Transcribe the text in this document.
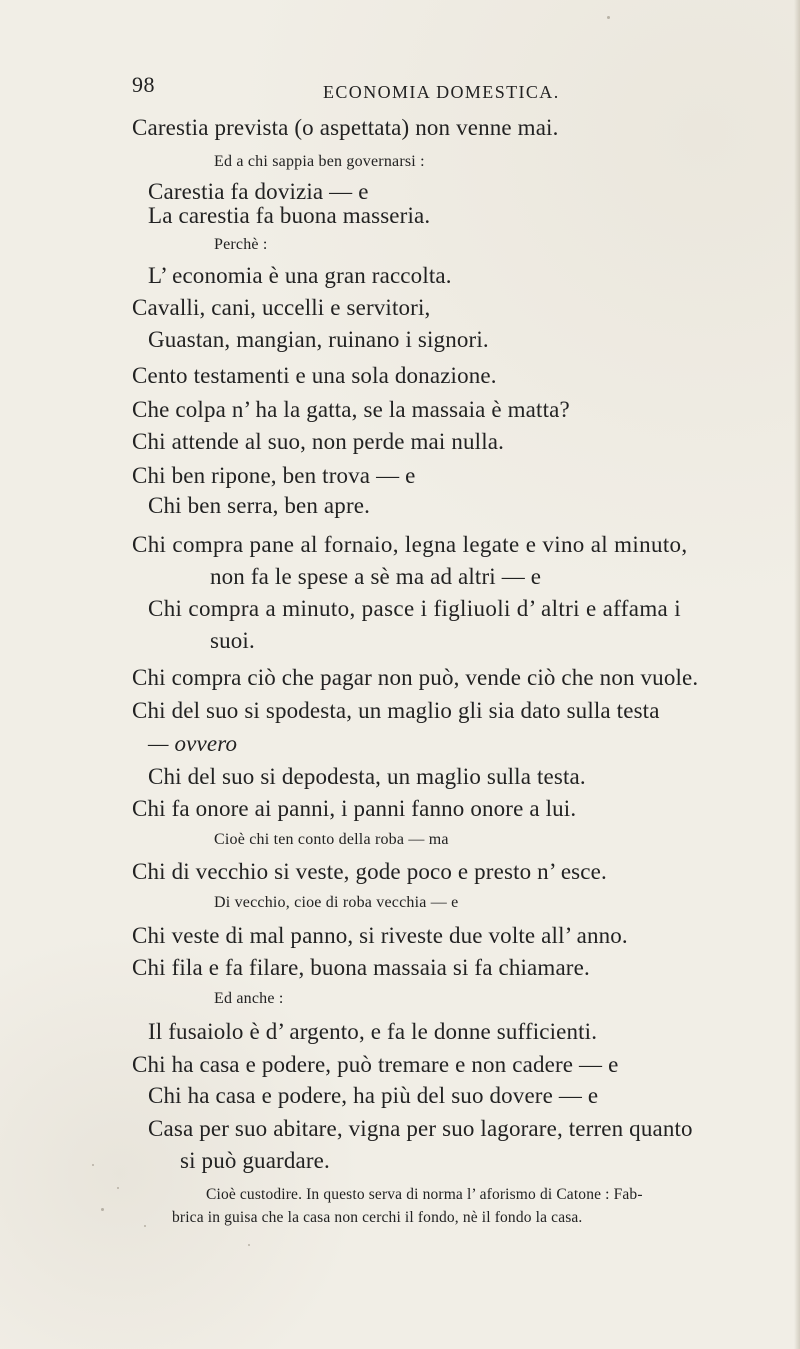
98	ECONOMIA DOMESTICA.
Carestia prevista (o aspettata) non venne mai.
Ed a chi sappia ben governarsi :
Carestia fa dovizia — e
La carestia fa buona masseria.
Perchè :
L’ economia è una gran raccolta.
Cavalli, cani, uccelli e servitori,
Guastan, mangian, ruinano i signori.
Cento testamenti e una sola donazione.
Che colpa n’ ha la gatta, se la massaia è matta?
Chi attende al suo, non perde mai nulla.
Chi ben ripone, ben trova — e
Chi ben serra, ben apre.
Chi compra pane al fornaio, legna legate e vino al minuto,
non fa le spese a sè ma ad altri — e
Chi compra a minuto, pasce i figliuoli d’ altri e affama i
suoi.
Chi compra ciò che pagar non può, vende ciò che non vuole.
Chi del suo si spodesta, un maglio gli sia dato sulla testa
— ovvero
Chi del suo si depodesta, un maglio sulla testa.
Chi fa onore ai panni, i panni fanno onore a lui.
Cioè chi ten conto della roba — ma
Chi di vecchio si veste, gode poco e presto n’ esce.
Di vecchio, cioe di roba vecchia — e
Chi veste di mal panno, si riveste due volte all’ anno.
Chi fila e fa filare, buona massaia si fa chiamare.
Ed anche :
Il fusaiolo è d’ argento, e fa le donne sufficienti.
Chi ha casa e podere, può tremare e non cadere — e
Chi ha casa e podere, ha più del suo dovere — e
Casa per suo abitare, vigna per suo lagorare, terren quanto
si può guardare.
Cioè custodire. In questo serva di norma l’ aforismo di Catone : Fab-
brica in guisa che la casa non cerchi il fondo, nè il fondo la casa.
